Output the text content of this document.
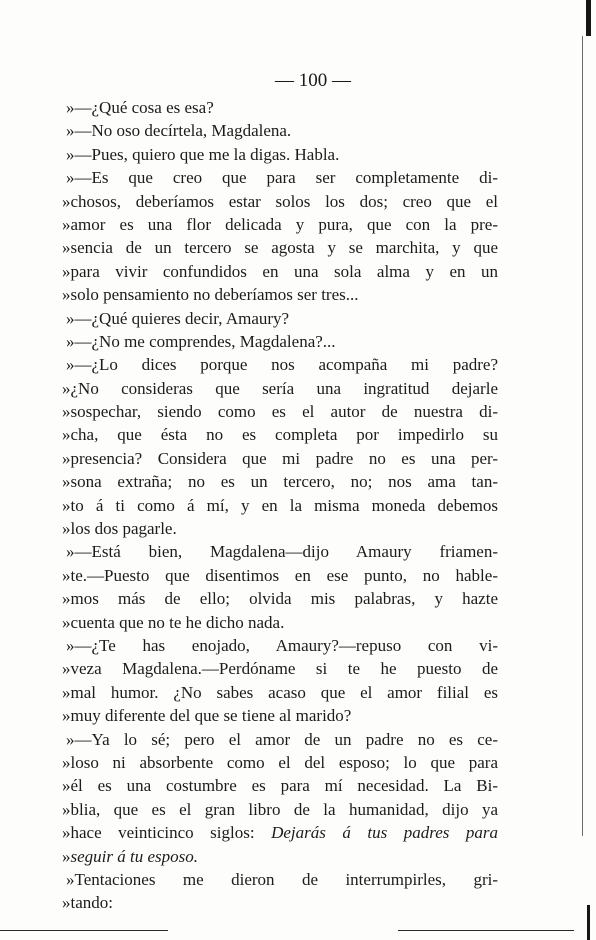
— 100 —
»—¿Qué cosa es esa?
»—No oso decírtela, Magdalena.
»—Pues, quiero que me la digas. Habla.
»—Es que creo que para ser completamente di-
»chosos, deberíamos estar solos los dos; creo que el
»amor es una flor delicada y pura, que con la pre-
»sencia de un tercero se agosta y se marchita, y que
»para vivir confundidos en una sola alma y en un
»solo pensamiento no deberíamos ser tres...
»—¿Qué quieres decir, Amaury?
»—¿No me comprendes, Magdalena?...
»—¿Lo dices porque nos acompaña mi padre?
»¿No consideras que sería una ingratitud dejarle
»sospechar, siendo como es el autor de nuestra di-
»cha, que ésta no es completa por impedirlo su
»presencia? Considera que mi padre no es una per-
»sona extraña; no es un tercero, no; nos ama tan-
»to á ti como á mí, y en la misma moneda debemos
»los dos pagarle.
»—Está bien, Magdalena—dijo Amaury friamen-
»te.—Puesto que disentimos en ese punto, no hable-
»mos más de ello; olvida mis palabras, y hazte
»cuenta que no te he dicho nada.
»—¿Te has enojado, Amaury?—repuso con vi-
»veza Magdalena.—Perdóname si te he puesto de
»mal humor. ¿No sabes acaso que el amor filial es
»muy diferente del que se tiene al marido?
»—Ya lo sé; pero el amor de un padre no es ce-
»loso ni absorbente como el del esposo; lo que para
»él es una costumbre es para mí necesidad. La Bi-
»blia, que es el gran libro de la humanidad, dijo ya
»hace veinticinco siglos: Dejarás á tus padres para
»seguir á tu esposo.
»Tentaciones me dieron de interrumpirles, gri-
»tando:
